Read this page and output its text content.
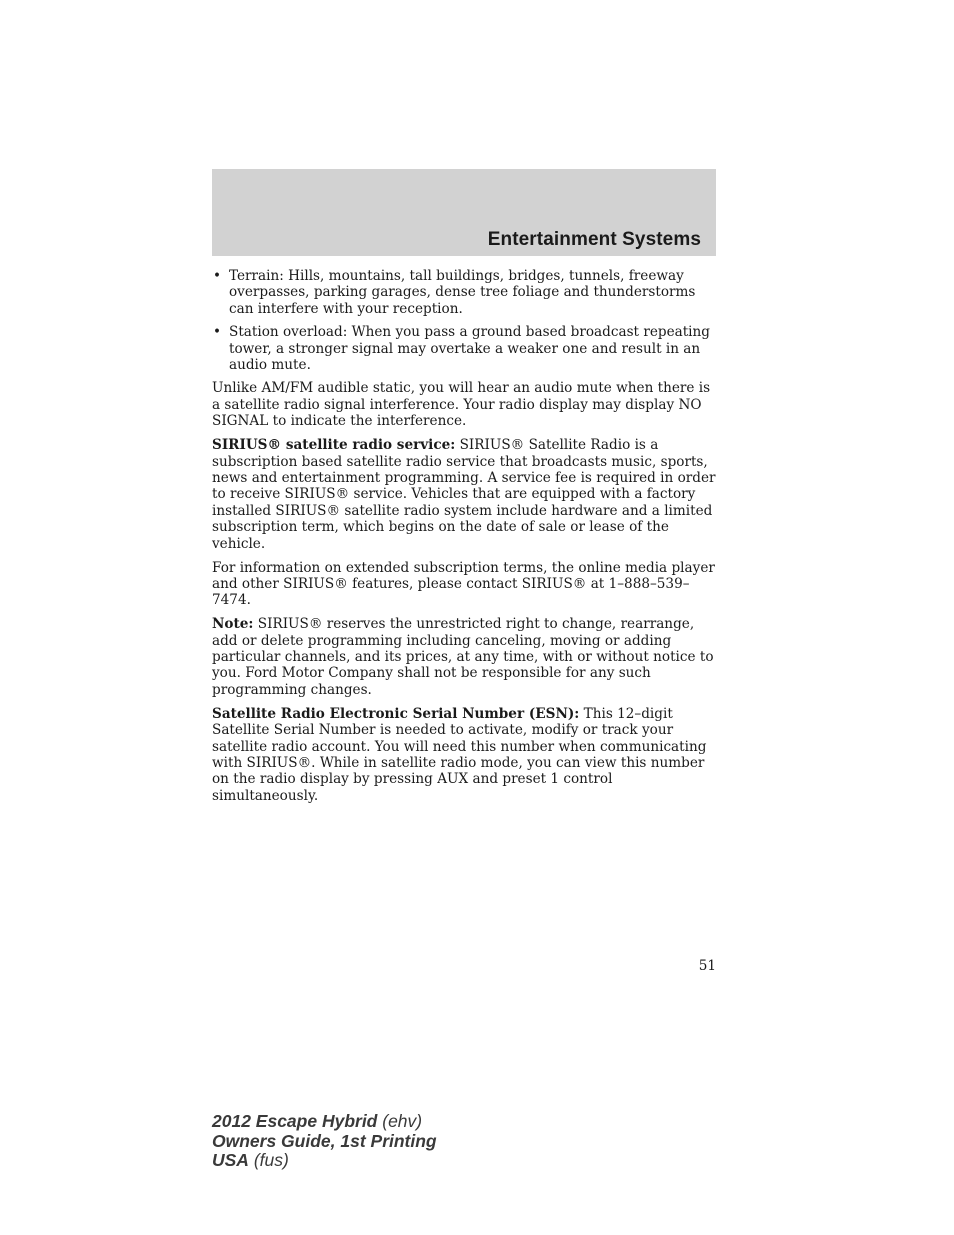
Entertainment Systems
• Terrain: Hills, mountains, tall buildings, bridges, tunnels, freeway overpasses, parking garages, dense tree foliage and thunderstorms can interfere with your reception.
• Station overload: When you pass a ground based broadcast repeating tower, a stronger signal may overtake a weaker one and result in an audio mute.

Unlike AM/FM audible static, you will hear an audio mute when there is a satellite radio signal interference. Your radio display may display NO SIGNAL to indicate the interference.

SIRIUS® satellite radio service: SIRIUS® Satellite Radio is a subscription based satellite radio service that broadcasts music, sports, news and entertainment programming. A service fee is required in order to receive SIRIUS® service. Vehicles that are equipped with a factory installed SIRIUS® satellite radio system include hardware and a limited subscription term, which begins on the date of sale or lease of the vehicle.

For information on extended subscription terms, the online media player and other SIRIUS® features, please contact SIRIUS® at 1–888–539–7474.

Note: SIRIUS® reserves the unrestricted right to change, rearrange, add or delete programming including canceling, moving or adding particular channels, and its prices, at any time, with or without notice to you. Ford Motor Company shall not be responsible for any such programming changes.

Satellite Radio Electronic Serial Number (ESN): This 12–digit Satellite Serial Number is needed to activate, modify or track your satellite radio account. You will need this number when communicating with SIRIUS®. While in satellite radio mode, you can view this number on the radio display by pressing AUX and preset 1 control simultaneously.

51
2012 Escape Hybrid (ehv)
Owners Guide, 1st Printing
USA (fus)
